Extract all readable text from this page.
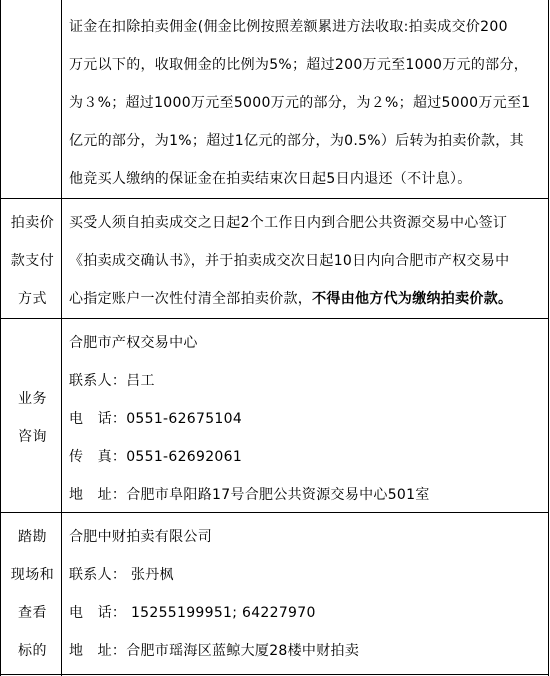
证金在扣除拍卖佣金(佣金比例按照差额累进方法收取:拍卖成交价200
万元以下的，收取佣金的比例为5%；超过200万元至1000万元的部分，
为３%；超过1000万元至5000万元的部分，为２%；超过5000万元至1
亿元的部分，为1%；超过1亿元的部分，为0.5%）后转为拍卖价款，其
他竞买人缴纳的保证金在拍卖结束次日起5日内退还（不计息）。
拍卖价
款支付
方式
买受人须自拍卖成交之日起2个工作日内到合肥公共资源交易中心签订
《拍卖成交确认书》，并于拍卖成交次日起10日内向合肥市产权交易中
心指定账户一次性付清全部拍卖价款，不得由他方代为缴纳拍卖价款。
业务
咨询
合肥市产权交易中心
联系人：吕工
电　话：0551-62675104
传　真：0551-62692061
地　址：合肥市阜阳路17号合肥公共资源交易中心501室
踏勘
现场和
查看
标的
合肥中财拍卖有限公司
联系人： 张丹枫
电　话： 15255199951; 64227970
地　址：合肥市瑶海区蓝鲸大厦28楼中财拍卖
